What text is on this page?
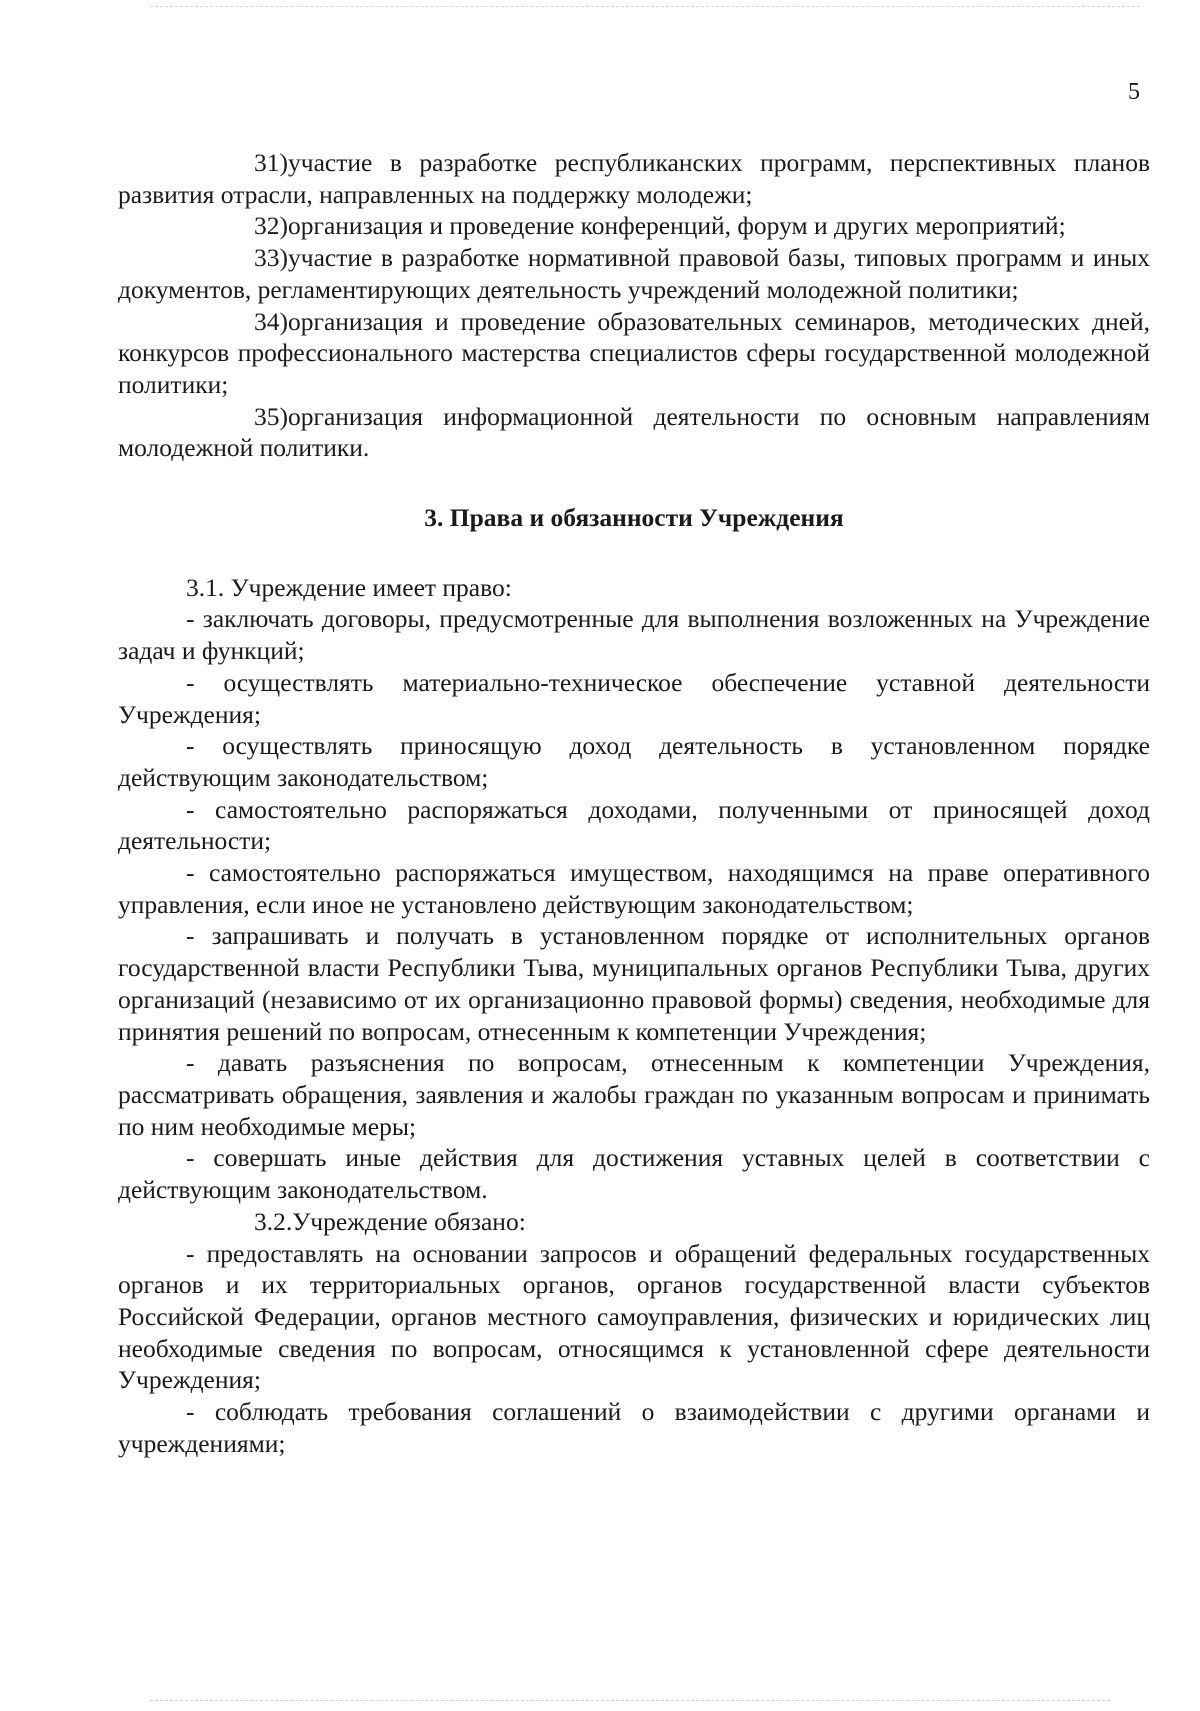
5

31)участие в разработке республиканских программ, перспективных планов развития отрасли, направленных на поддержку молодежи;

32)организация и проведение конференций, форум и других мероприятий;

33)участие в разработке нормативной правовой базы, типовых программ и иных документов, регламентирующих деятельность учреждений молодежной политики;

34)организация и проведение образовательных семинаров, методических дней, конкурсов профессионального мастерства специалистов сферы государственной молодежной политики;

35)организация информационной деятельности по основным направлениям молодежной политики.

3. Права и обязанности Учреждения

3.1. Учреждение имеет право:

- заключать договоры, предусмотренные для выполнения возложенных на Учреждение задач и функций;

- осуществлять материально-техническое обеспечение уставной деятельности Учреждения;

- осуществлять приносящую доход деятельность в установленном порядке действующим законодательством;

- самостоятельно распоряжаться доходами, полученными от приносящей доход деятельности;

- самостоятельно распоряжаться имуществом, находящимся на праве оперативного управления, если иное не установлено действующим законодательством;

- запрашивать и получать в установленном порядке от исполнительных органов государственной власти Республики Тыва, муниципальных органов Республики Тыва, других организаций (независимо от их организационно правовой формы) сведения, необходимые для принятия решений по вопросам, отнесенным к компетенции Учреждения;

- давать разъяснения по вопросам, отнесенным к компетенции Учреждения, рассматривать обращения, заявления и жалобы граждан по указанным вопросам и принимать по ним необходимые меры;

- совершать иные действия для достижения уставных целей в соответствии с действующим законодательством.

3.2.Учреждение обязано:

- предоставлять на основании запросов и обращений федеральных государственных органов и их территориальных органов, органов государственной власти субъектов Российской Федерации, органов местного самоуправления, физических и юридических лиц необходимые сведения по вопросам, относящимся к установленной сфере деятельности Учреждения;

- соблюдать требования соглашений о взаимодействии с другими органами и учреждениями;
